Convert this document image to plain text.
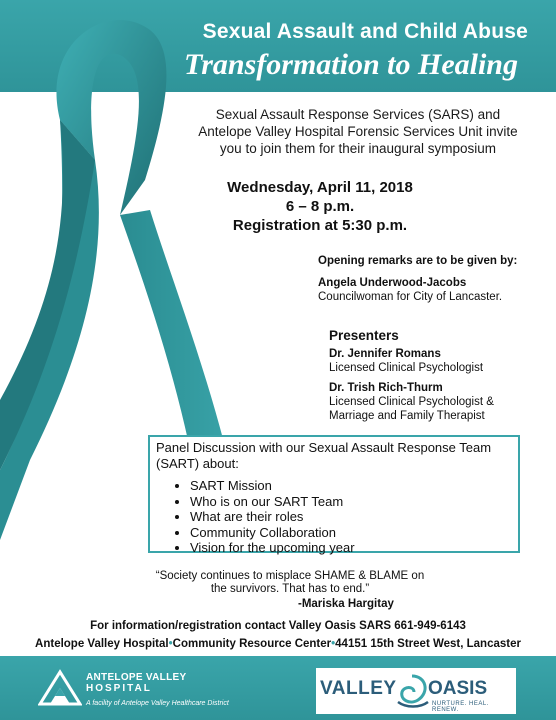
Sexual Assault and Child Abuse
Transformation to Healing
Sexual Assault Response Services (SARS) and
Antelope Valley Hospital Forensic Services Unit invite
you to join them for their inaugural symposium
Wednesday, April 11, 2018
6 – 8 p.m.
Registration at 5:30 p.m.
Opening remarks are to be given by:
Angela Underwood-Jacobs
Councilwoman for City of Lancaster.
Presenters
Dr. Jennifer Romans
Licensed Clinical Psychologist
Dr. Trish Rich-Thurm
Licensed Clinical Psychologist &
Marriage and Family Therapist
Panel Discussion with our Sexual Assault Response Team
(SART) about:
• SART Mission
• Who is on our SART Team
• What are their roles
• Community Collaboration
• Vision for the upcoming year
“Society continues to misplace SHAME & BLAME on
the survivors. That has to end.”
-Mariska Hargitay
For information/registration contact Valley Oasis SARS 661-949-6143
Antelope Valley Hospital•Community Resource Center•44151 15th Street West, Lancaster
ANTELOPE VALLEY
HOSPITAL
A facility of Antelope Valley Healthcare District
VALLEY OASIS
NURTURE. HEAL. RENEW.
